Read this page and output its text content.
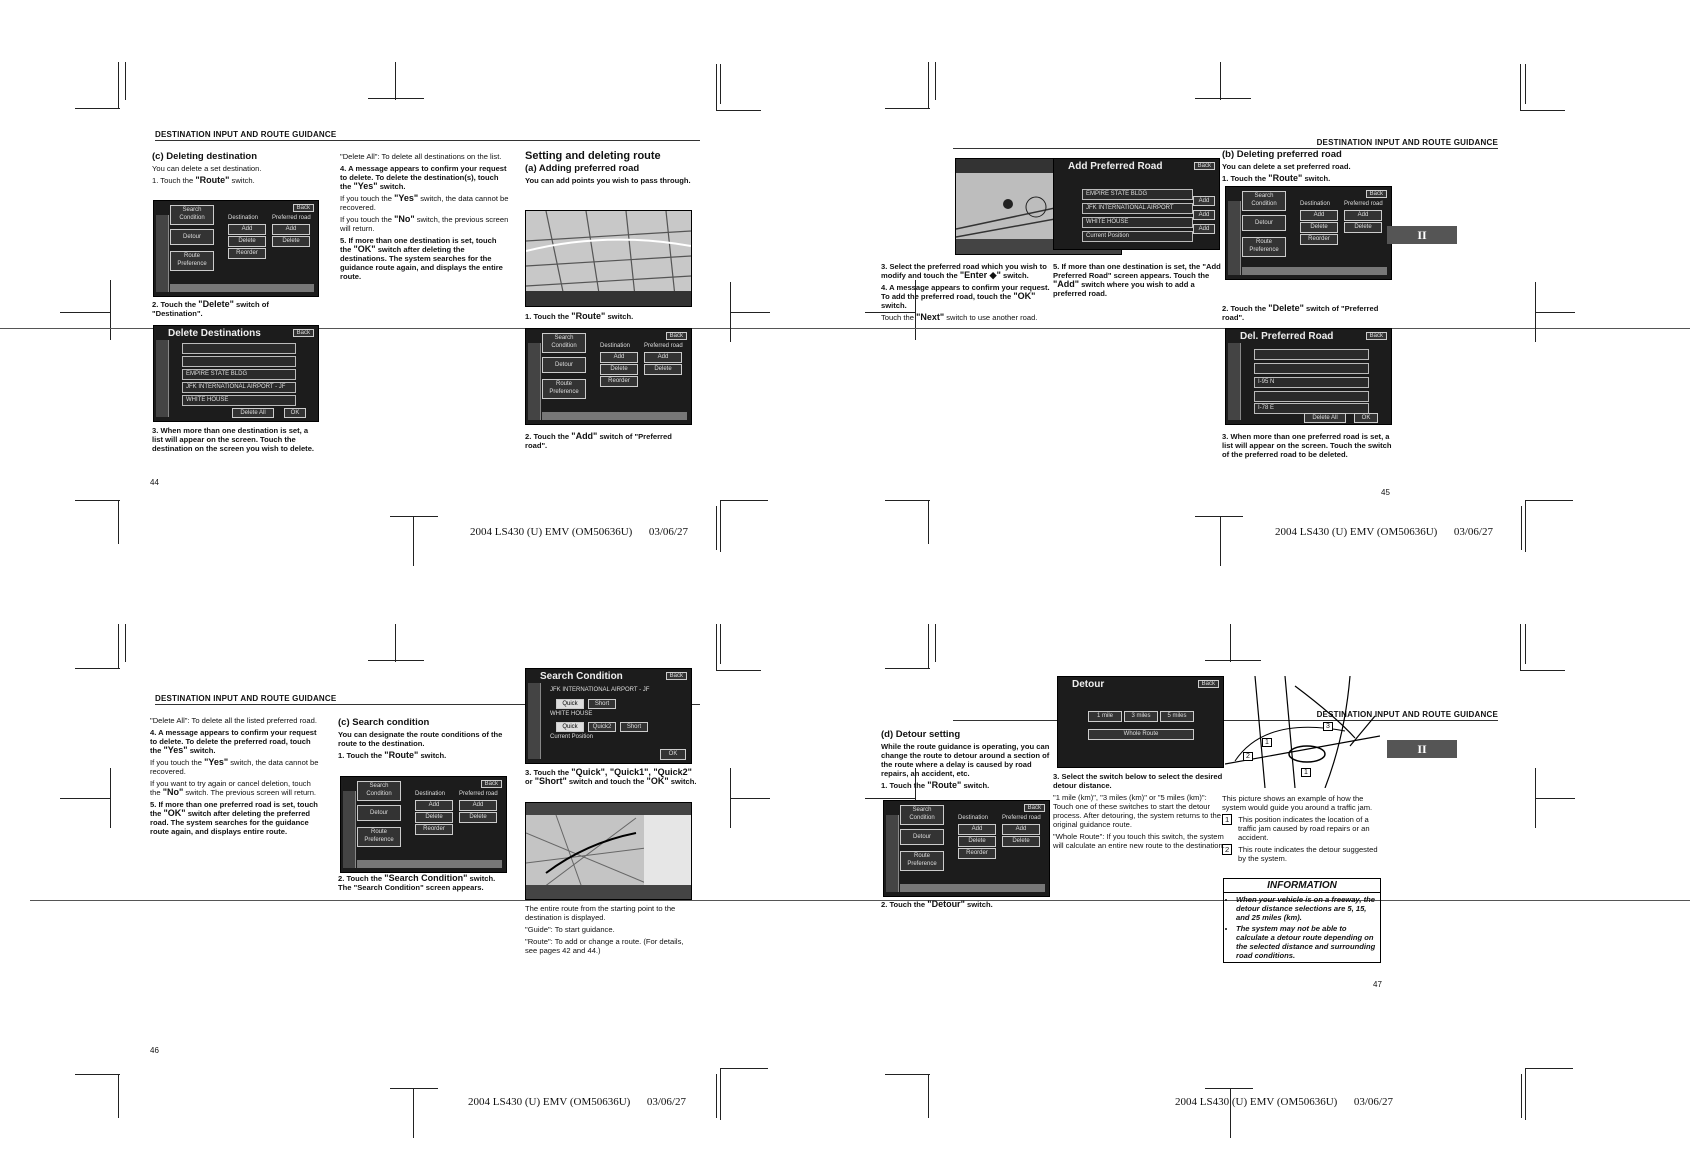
DESTINATION INPUT AND ROUTE GUIDANCE
(c) Deleting destination

You can delete a set destination.

1. Touch the "Route" switch.

Search
Condition
Back
Destination Preferred road
Add	Add
Detour
Delete	Delete
Reorder
Route
Preference

2. Touch the "Delete" switch of "Destination".

Delete Destinations	Back
EMPIRE STATE BLDG
JFK INTERNATIONAL AIRPORT - JF
WHITE HOUSE
Delete All	OK

3. When more than one destination is set, a list will appear on the screen. Touch the destination on the screen you wish to delete.

44

"Delete All": To delete all destinations on the list.

4. A message appears to confirm your request to delete. To delete the destination(s), touch the "Yes" switch.

If you touch the "Yes" switch, the data cannot be recovered.

If you touch the "No" switch, the previous screen will return.

5. If more than one destination is set, touch the "OK" switch after deleting the destinations. The system searches for the guidance route again, and displays the entire route.

Setting and deleting route
(a) Adding preferred road

You can add points you wish to pass through.

1. Touch the "Route" switch.

Search
Condition
Back
Destination Preferred road
Add	Add
Detour
Delete	Delete
Reorder
Route
Preference

2. Touch the "Add" switch of "Preferred road".

2004 LS430 (U) EMV (OM50636U) 03/06/27
DESTINATION INPUT AND ROUTE GUIDANCE

3. Select the preferred road which you wish to modify and touch the "Enter ◆" switch.

4. A message appears to confirm your request. To add the preferred road, touch the "OK" switch.

Touch the "Next" switch to use another road.

Add Preferred Road	Back
EMPIRE STATE BLDG
JFK INTERNATIONAL AIRPORT
WHITE HOUSE
Current Position
Add
Add
Add

5. If more than one destination is set, the "Add Preferred Road" screen appears. Touch the "Add" switch where you wish to add a preferred road.

(b) Deleting preferred road

You can delete a set preferred road.

1. Touch the "Route" switch.

Search
Condition
Back
Destination Preferred road
Add	Add
Detour
Delete	Delete
Reorder
Route
Preference
II

2. Touch the "Delete" switch of "Preferred road".

Del. Preferred Road	Back
I-95 N
I-78 E
Delete All	OK

3. When more than one preferred road is set, a list will appear on the screen. Touch the switch of the preferred road to be deleted.

45
2004 LS430 (U) EMV (OM50636U) 03/06/27
DESTINATION INPUT AND ROUTE GUIDANCE

"Delete All": To delete all the listed preferred road.

4. A message appears to confirm your request to delete. To delete the preferred road, touch the "Yes" switch.

If you touch the "Yes" switch, the data cannot be recovered.

If you want to try again or cancel deletion, touch the "No" switch. The previous screen will return.

5. If more than one preferred road is set, touch the "OK" switch after deleting the preferred road. The system searches for the guidance route again, and displays entire route.

(c) Search condition

You can designate the route conditions of the route to the destination.

1. Touch the "Route" switch.

Search
Condition
Back
Destination Preferred road
Add	Add
Detour
Delete	Delete
Reorder
Route
Preference

2. Touch the "Search Condition" switch. The "Search Condition" screen appears.

Search Condition	Back
JFK INTERNATIONAL AIRPORT - JF
Quick	Short
WHITE HOUSE
Quick	Quick2	Short
Current Position
OK

3. Touch the "Quick", "Quick1", "Quick2" or "Short" switch and touch the "OK" switch.

The entire route from the starting point to the destination is displayed.

"Guide": To start guidance.

"Route": To add or change a route. (For details, see pages 42 and 44.)

46
2004 LS430 (U) EMV (OM50636U) 03/06/27
DESTINATION INPUT AND ROUTE GUIDANCE
(d) Detour setting

While the route guidance is operating, you can change the route to detour around a section of the route where a delay is caused by road repairs, an accident, etc.

1. Touch the "Route" switch.

Search
Condition
Back
Destination Preferred road
Add	Add
Detour
Delete	Delete
Reorder
Route
Preference

2. Touch the "Detour" switch.

Detour	Back
1 mile	3 miles	5 miles
Whole Route

3. Select the switch below to select the desired detour distance.

"1 mile (km)", "3 miles (km)" or "5 miles (km)": Touch one of these switches to start the detour process. After detouring, the system returns to the original guidance route.

"Whole Route": If you touch this switch, the system will calculate an entire new route to the destination.

1
1
2
3
II

This picture shows an example of how the system would guide you around a traffic jam.

1 This position indicates the location of a traffic jam caused by road repairs or an accident.

2 This route indicates the detour suggested by the system.

INFORMATION
• When your vehicle is on a freeway, the detour distance selections are 5, 15, and 25 miles (km).
• The system may not be able to calculate a detour route depending on the selected distance and surrounding road conditions.
47
2004 LS430 (U) EMV (OM50636U) 03/06/27
